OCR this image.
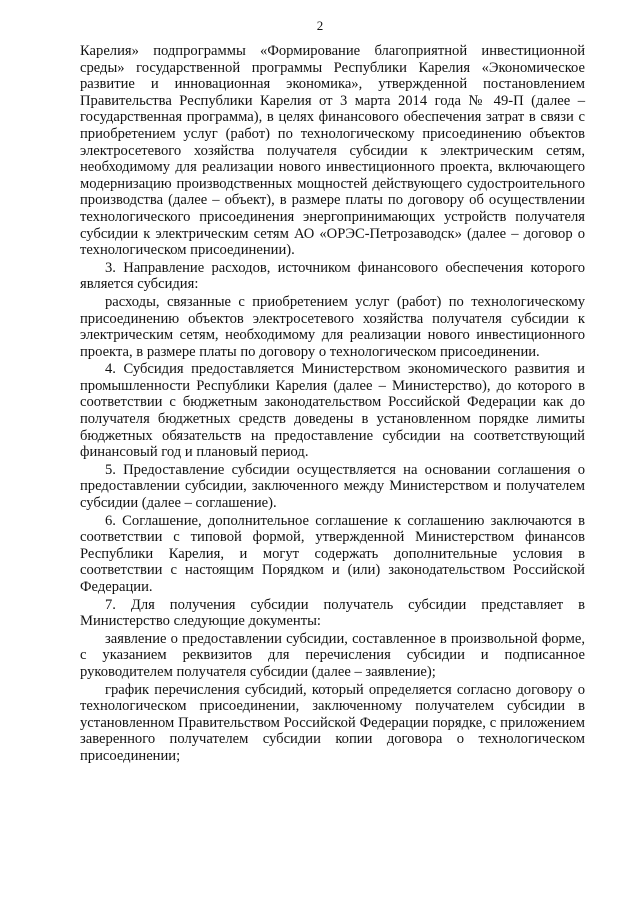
2

Карелия» подпрограммы «Формирование благоприятной инвестиционной среды» государственной программы Республики Карелия «Экономическое развитие и инновационная экономика», утвержденной постановлением Правительства Республики Карелия от 3 марта 2014 года № 49-П (далее – государственная программа), в целях финансового обеспечения затрат в связи с приобретением услуг (работ) по технологическому присоединению объектов электросетевого хозяйства получателя субсидии к электрическим сетям, необходимому для реализации нового инвестиционного проекта, включающего модернизацию производственных мощностей действующего судостроительного производства (далее – объект), в размере платы по договору об осуществлении технологического присоединения энергопринимающих устройств получателя субсидии к электрическим сетям АО «ОРЭС-Петрозаводск» (далее – договор о технологическом присоединении).

3. Направление расходов, источником финансового обеспечения которого является субсидия:

расходы, связанные с приобретением услуг (работ) по технологическому присоединению объектов электросетевого хозяйства получателя субсидии к электрическим сетям, необходимому для реализации нового инвестиционного проекта, в размере платы по договору о технологическом присоединении.

4. Субсидия предоставляется Министерством экономического развития и промышленности Республики Карелия (далее – Министерство), до которого в соответствии с бюджетным законодательством Российской Федерации как до получателя бюджетных средств доведены в установленном порядке лимиты бюджетных обязательств на предоставление субсидии на соответствующий финансовый год и плановый период.

5. Предоставление субсидии осуществляется на основании соглашения о предоставлении субсидии, заключенного между Министерством и получателем субсидии (далее – соглашение).

6. Соглашение, дополнительное соглашение к соглашению заключаются в соответствии с типовой формой, утвержденной Министерством финансов Республики Карелия, и могут содержать дополнительные условия в соответствии с настоящим Порядком и (или) законодательством Российской Федерации.

7. Для получения субсидии получатель субсидии представляет в Министерство следующие документы:

заявление о предоставлении субсидии, составленное в произвольной форме, с указанием реквизитов для перечисления субсидии и подписанное руководителем получателя субсидии (далее – заявление);

график перечисления субсидий, который определяется согласно договору о технологическом присоединении, заключенному получателем субсидии в установленном Правительством Российской Федерации порядке, с приложением заверенного получателем субсидии копии договора о технологическом присоединении;
